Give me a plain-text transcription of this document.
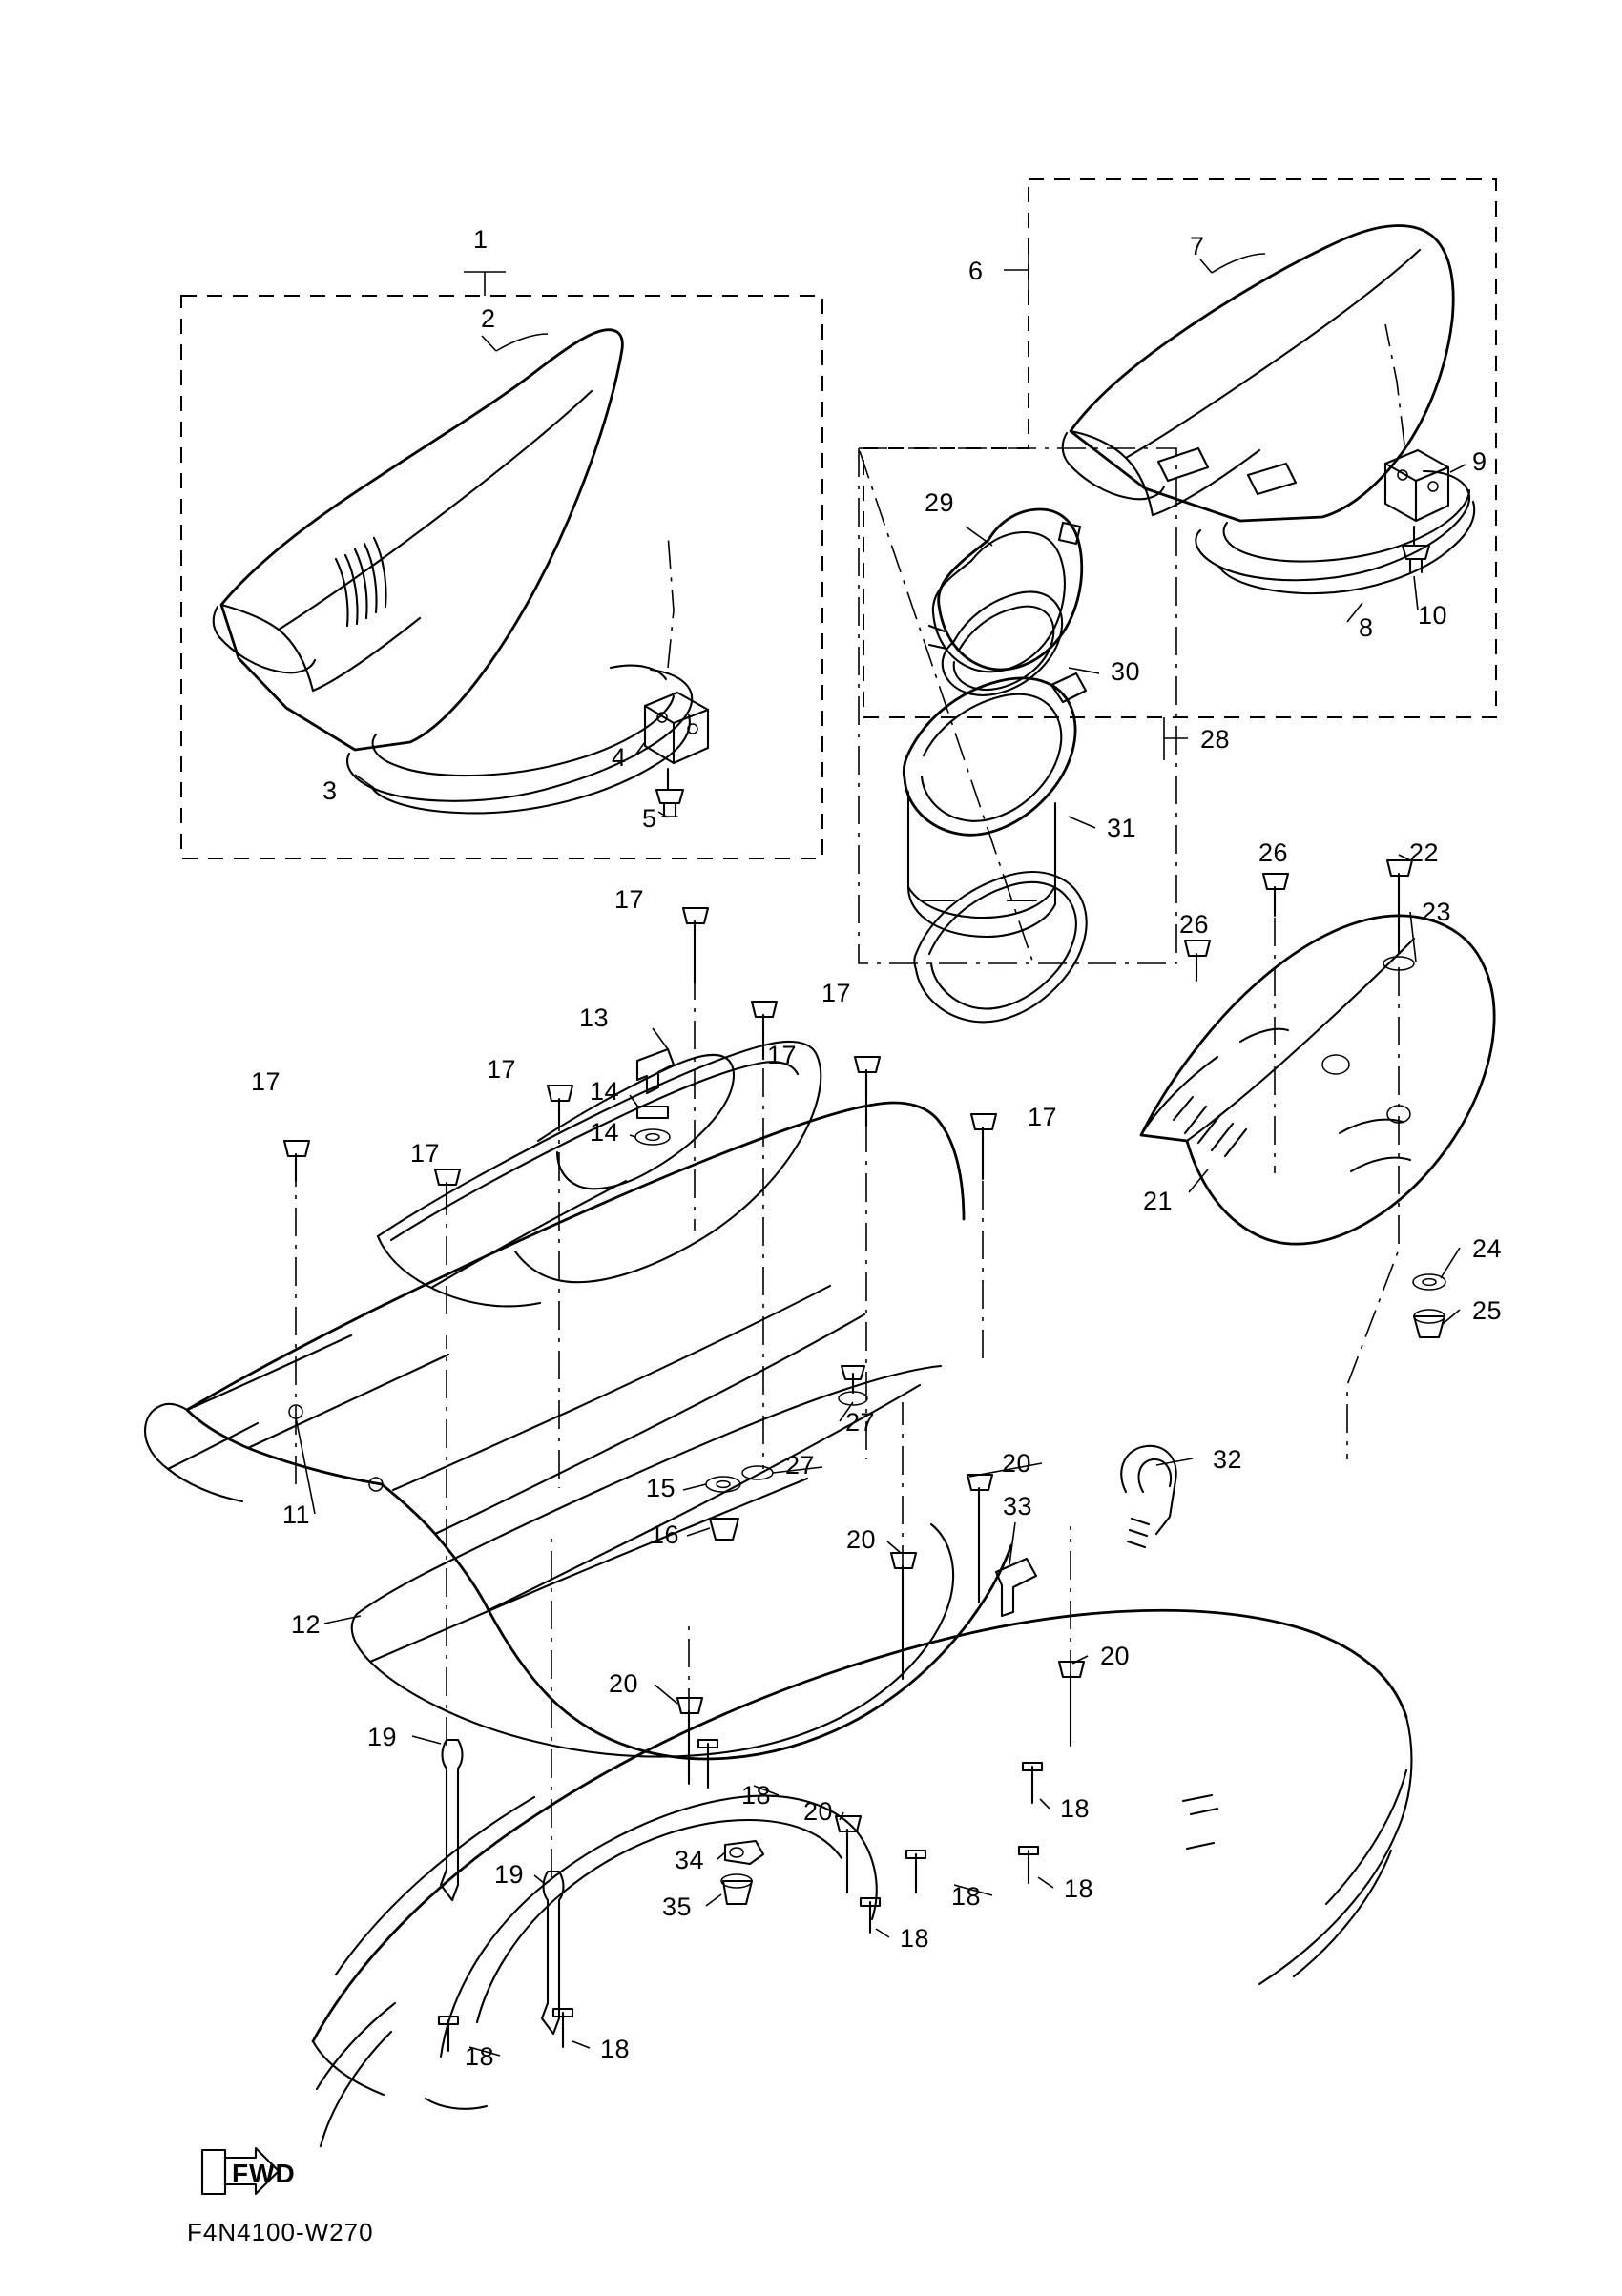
1
2
3
4
5
6
7
8
9
10
11
12
13
14
14
15
16
17
17
17
17
17
17
17
18
18
18
18
18
18	18
19
19
20
20
20
20
20
21
22
23
24
25
26
26
27
27
28
29
30
31
32
33
34
35
FWD
F4N4100-W270
